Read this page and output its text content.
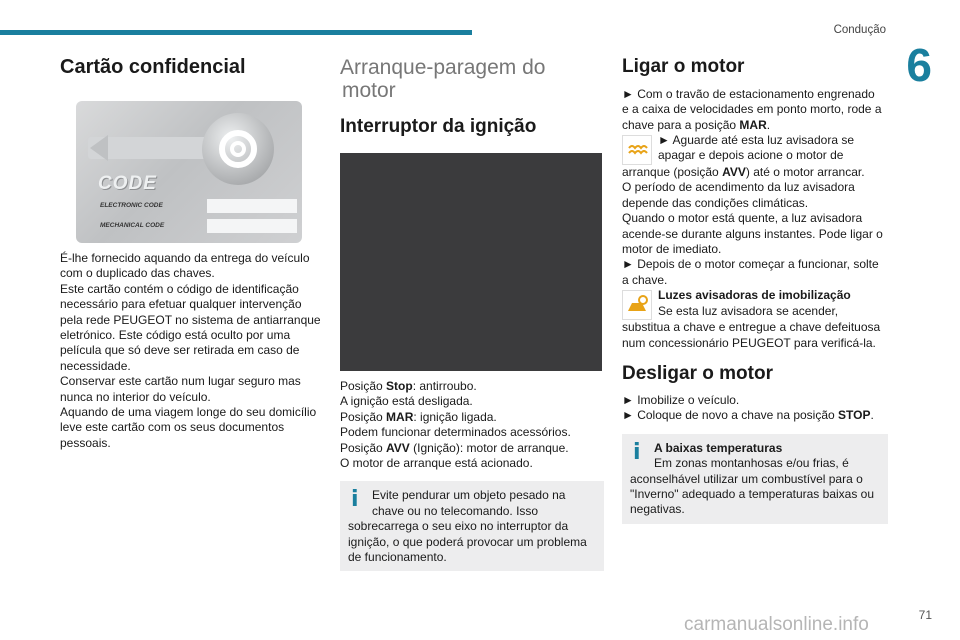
Condução
6
Cartão confidencial
CODE
ELECTRONIC CODE
MECHANICAL CODE

É-lhe fornecido aquando da entrega do veículo

com o duplicado das chaves.

Este cartão contém o código de identificação

necessário para efetuar qualquer intervenção

pela rede PEUGEOT no sistema de antiarranque

eletrónico. Este código está oculto por uma

película que só deve ser retirada em caso de

necessidade.

Conservar este cartão num lugar seguro mas

nunca no interior do veículo.

Aquando de uma viagem longe do seu domicílio

leve este cartão com os seus documentos

pessoais.

Arranque-paragem do
motor
Interruptor da ignição

Posição Stop: antirroubo.

A ignição está desligada.

Posição MAR: ignição ligada.

Podem funcionar determinados acessórios.

Posição AVV (Ignição): motor de arranque.

O motor de arranque está acionado.

i	Evite pendurar um objeto pesado na

chave ou no telecomando. Isso

sobrecarrega o seu eixo no interruptor da

ignição, o que poderá provocar um problema

de funcionamento.

Ligar o motor

► Com o travão de estacionamento engrenado

e a caixa de velocidades em ponto morto, rode a

chave para a posição MAR.

► Aguarde até esta luz avisadora se

apagar e depois acione o motor de

arranque (posição AVV) até o motor arrancar.

O período de acendimento da luz avisadora

depende das condições climáticas.

Quando o motor está quente, a luz avisadora

acende-se durante alguns instantes. Pode ligar o

motor de imediato.

► Depois de o motor começar a funcionar, solte

a chave.

Luzes avisadoras de imobilização

Se esta luz avisadora se acender,

substitua a chave e entregue a chave defeituosa

num concessionário PEUGEOT para verificá-la.

Desligar o motor

► Imobilize o veículo.

► Coloque de novo a chave na posição STOP.

i	A baixas temperaturas

Em zonas montanhosas e/ou frias, é

aconselhável utilizar um combustível para o

"Inverno" adequado a temperaturas baixas ou

negativas.

71
carmanualsonline.info
